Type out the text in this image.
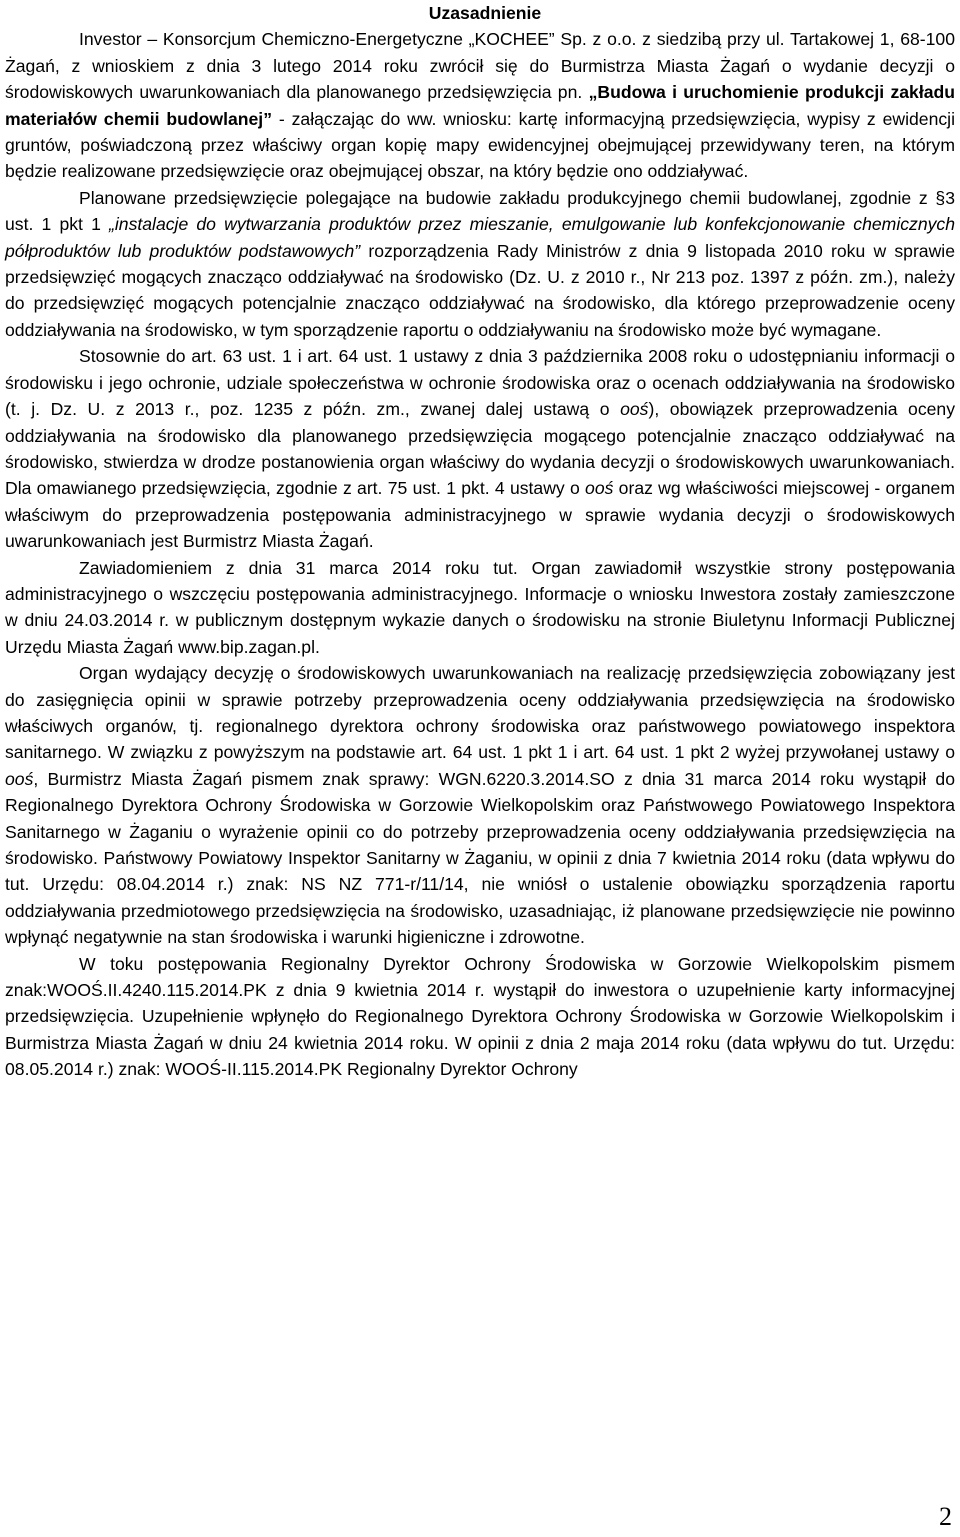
Uzasadnienie

Investor – Konsorcjum Chemiczno-Energetyczne „KOCHEE” Sp. z o.o. z siedzibą przy ul. Tartakowej 1, 68-100 Żagań, z wnioskiem z dnia 3 lutego 2014 roku zwrócił się do Burmistrza Miasta Żagań o wydanie decyzji o środowiskowych uwarunkowaniach dla planowanego przedsięwzięcia pn. „Budowa i uruchomienie produkcji zakładu materiałów chemii budowlanej” - załączając do ww. wniosku: kartę informacyjną przedsięwzięcia, wypisy z ewidencji gruntów, poświadczoną przez właściwy organ kopię mapy ewidencyjnej obejmującej przewidywany teren, na którym będzie realizowane przedsięwzięcie oraz obejmującej obszar, na który będzie ono oddziaływać.

Planowane przedsięwzięcie polegające na budowie zakładu produkcyjnego chemii budowlanej, zgodnie z §3 ust. 1 pkt 1 „instalacje do wytwarzania produktów przez mieszanie, emulgowanie lub konfekcjonowanie chemicznych półproduktów lub produktów podstawowych” rozporządzenia Rady Ministrów z dnia 9 listopada 2010 roku w sprawie przedsięwzięć mogących znacząco oddziaływać na środowisko (Dz. U. z 2010 r., Nr 213 poz. 1397 z późn. zm.), należy do przedsięwzięć mogących potencjalnie znacząco oddziaływać na środowisko, dla którego przeprowadzenie oceny oddziaływania na środowisko, w tym sporządzenie raportu o oddziaływaniu na środowisko może być wymagane.

Stosownie do art. 63 ust. 1 i art. 64 ust. 1 ustawy z dnia 3 października 2008 roku o udostępnianiu informacji o środowisku i jego ochronie, udziale społeczeństwa w ochronie środowiska oraz o ocenach oddziaływania na środowisko (t. j. Dz. U. z 2013 r., poz. 1235 z późn. zm., zwanej dalej ustawą o ooś), obowiązek przeprowadzenia oceny oddziaływania na środowisko dla planowanego przedsięwzięcia mogącego potencjalnie znacząco oddziaływać na środowisko, stwierdza w drodze postanowienia organ właściwy do wydania decyzji o środowiskowych uwarunkowaniach. Dla omawianego przedsięwzięcia, zgodnie z art. 75 ust. 1 pkt. 4 ustawy o ooś oraz wg właściwości miejscowej - organem właściwym do przeprowadzenia postępowania administracyjnego w sprawie wydania decyzji o środowiskowych uwarunkowaniach jest Burmistrz Miasta Żagań.

Zawiadomieniem z dnia 31 marca 2014 roku tut. Organ zawiadomił wszystkie strony postępowania administracyjnego o wszczęciu postępowania administracyjnego. Informacje o wniosku Inwestora zostały zamieszczone w dniu 24.03.2014 r. w publicznym dostępnym wykazie danych o środowisku na stronie Biuletynu Informacji Publicznej Urzędu Miasta Żagań www.bip.zagan.pl.

Organ wydający decyzję o środowiskowych uwarunkowaniach na realizację przedsięwzięcia zobowiązany jest do zasięgnięcia opinii w sprawie potrzeby przeprowadzenia oceny oddziaływania przedsięwzięcia na środowisko właściwych organów, tj. regionalnego dyrektora ochrony środowiska oraz państwowego powiatowego inspektora sanitarnego. W związku z powyższym na podstawie art. 64 ust. 1 pkt 1 i art. 64 ust. 1 pkt 2 wyżej przywołanej ustawy o ooś, Burmistrz Miasta Żagań pismem znak sprawy: WGN.6220.3.2014.SO z dnia 31 marca 2014 roku wystąpił do Regionalnego Dyrektora Ochrony Środowiska w Gorzowie Wielkopolskim oraz Państwowego Powiatowego Inspektora Sanitarnego w Żaganiu o wyrażenie opinii co do potrzeby przeprowadzenia oceny oddziaływania przedsięwzięcia na środowisko. Państwowy Powiatowy Inspektor Sanitarny w Żaganiu, w opinii z dnia 7 kwietnia 2014 roku (data wpływu do tut. Urzędu: 08.04.2014 r.) znak: NS NZ 771-r/11/14, nie wniósł o ustalenie obowiązku sporządzenia raportu oddziaływania przedmiotowego przedsięwzięcia na środowisko, uzasadniając, iż planowane przedsięwzięcie nie powinno wpłynąć negatywnie na stan środowiska i warunki higieniczne i zdrowotne.

W toku postępowania Regionalny Dyrektor Ochrony Środowiska w Gorzowie Wielkopolskim pismem znak:WOOŚ.II.4240.115.2014.PK z dnia 9 kwietnia 2014 r. wystąpił do inwestora o uzupełnienie karty informacyjnej przedsięwzięcia. Uzupełnienie wpłynęło do Regionalnego Dyrektora Ochrony Środowiska w Gorzowie Wielkopolskim i Burmistrza Miasta Żagań w dniu 24 kwietnia 2014 roku. W opinii z dnia 2 maja 2014 roku (data wpływu do tut. Urzędu: 08.05.2014 r.) znak: WOOŚ-II.115.2014.PK Regionalny Dyrektor Ochrony

2
